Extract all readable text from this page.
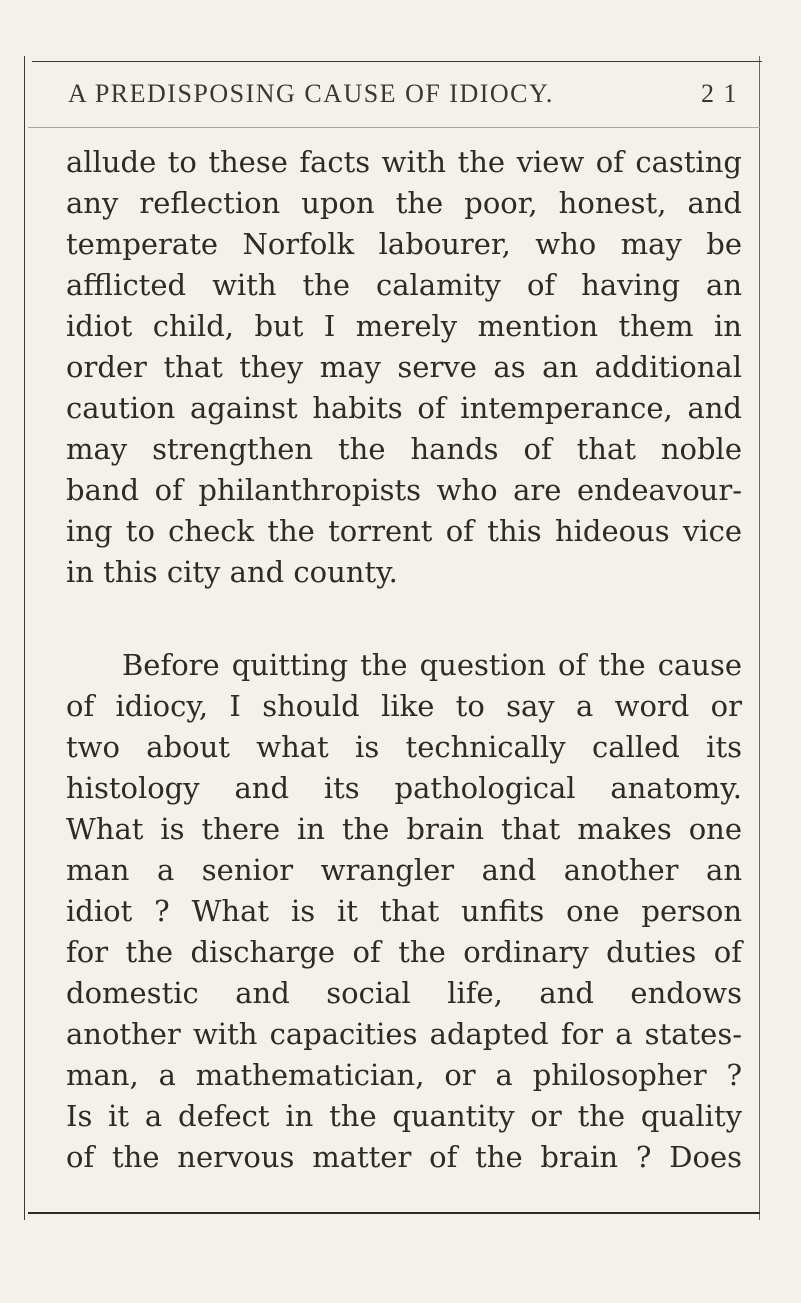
A PREDISPOSING CAUSE OF IDIOCY.	2 1
allude to these facts with the view of casting
any reflection upon the poor, honest, and
temperate Norfolk labourer, who may be
afflicted with the calamity of having an
idiot child, but I merely mention them in
order that they may serve as an additional
caution against habits of intemperance, and
may strengthen the hands of that noble
band of philanthropists who are endeavour-
ing to check the torrent of this hideous vice
in this city and county.
Before quitting the question of the cause
of idiocy, I should like to say a word or
two about what is technically called its
histology and its pathological anatomy.
What is there in the brain that makes one
man a senior wrangler and another an
idiot ? What is it that unfits one person
for the discharge of the ordinary duties of
domestic and social life, and endows
another with capacities adapted for a states-
man, a mathematician, or a philosopher ?
Is it a defect in the quantity or the quality
of the nervous matter of the brain ? Does
